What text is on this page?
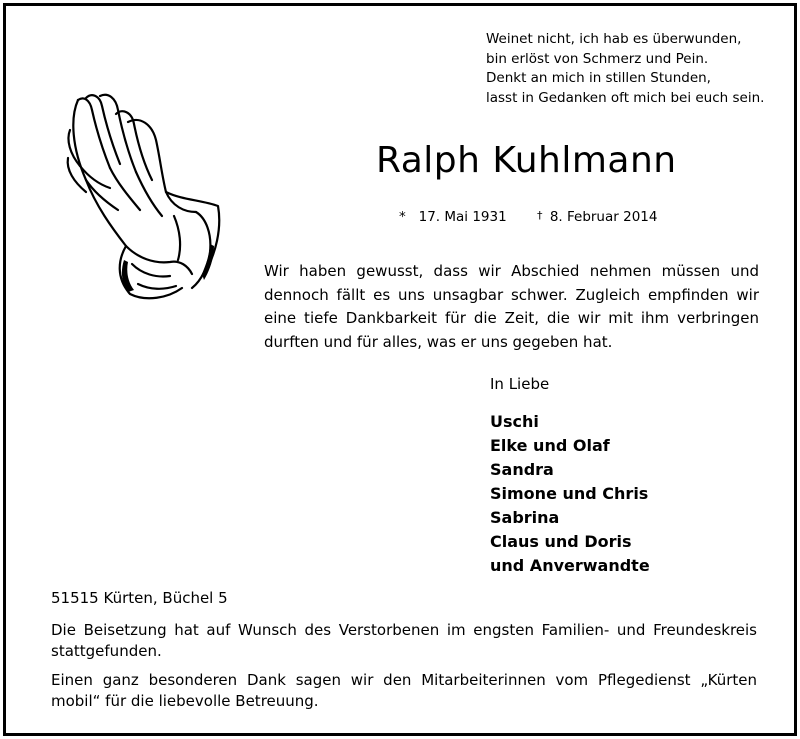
Weinet nicht, ich hab es überwunden,
bin erlöst von Schmerz und Pein.
Denkt an mich in stillen Stunden,
lasst in Gedanken oft mich bei euch sein.
Ralph Kuhlmann
* 17. Mai 1931	† 8. Februar 2014
Wir haben gewusst, dass wir Abschied nehmen müssen und dennoch fällt es uns unsagbar schwer. Zugleich empfinden wir eine tiefe Dankbarkeit für die Zeit, die wir mit ihm verbringen durften und für alles, was er uns gegeben hat.
In Liebe
Uschi
Elke und Olaf
Sandra
Simone und Chris
Sabrina
Claus und Doris
und Anverwandte
51515 Kürten, Büchel 5
Die Beisetzung hat auf Wunsch des Verstorbenen im engsten Familien- und Freundeskreis stattgefunden.
Einen ganz besonderen Dank sagen wir den Mitarbeiterinnen vom Pflegedienst „Kürten mobil“ für die liebevolle Betreuung.
